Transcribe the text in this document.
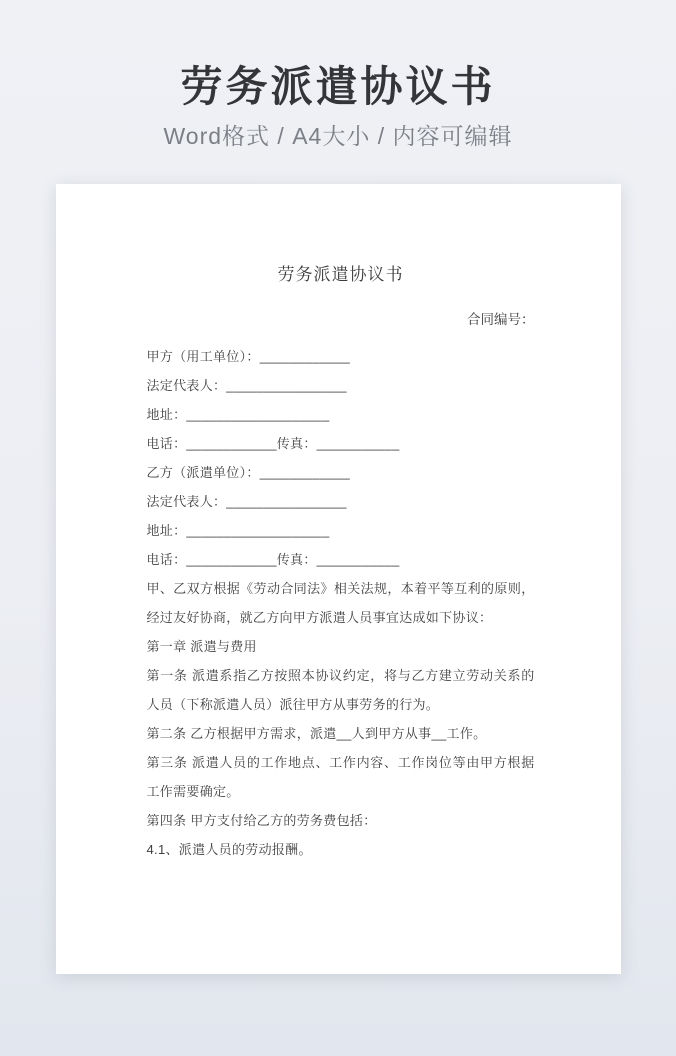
劳务派遣协议书
Word格式 / A4大小 / 内容可编辑
劳务派遣协议书
合同编号：

甲方（用工单位）：____________

法定代表人：________________

地址：___________________

电话：____________传真：___________

乙方（派遣单位）：____________

法定代表人：________________

地址：___________________

电话：____________传真：___________

甲、乙双方根据《劳动合同法》相关法规，本着平等互利的原则，经过友好协商，就乙方向甲方派遣人员事宜达成如下协议：

第一章 派遣与费用

第一条 派遣系指乙方按照本协议约定，将与乙方建立劳动关系的人员（下称派遣人员）派往甲方从事劳务的行为。

第二条 乙方根据甲方需求，派遣__人到甲方从事__工作。

第三条 派遣人员的工作地点、工作内容、工作岗位等由甲方根据工作需要确定。

第四条 甲方支付给乙方的劳务费包括：

4.1、派遣人员的劳动报酬。
